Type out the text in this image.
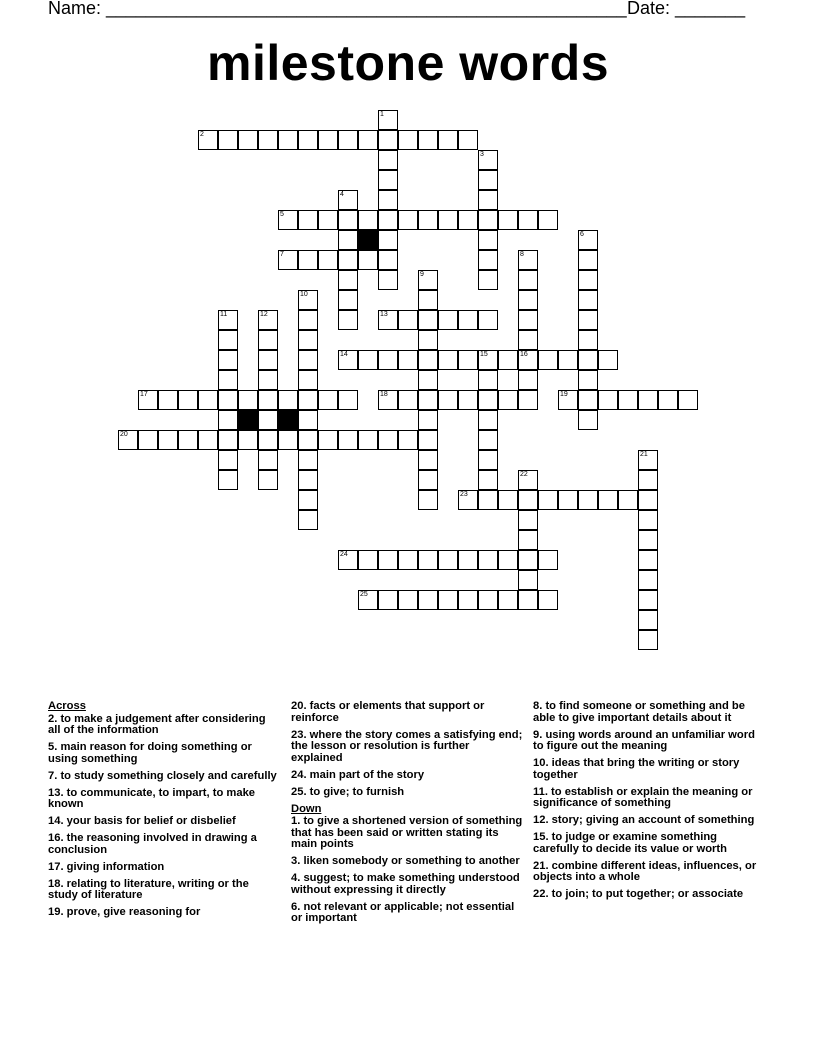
Name: ____________________________________________________ Date: _______
milestone words
1
2
3
4
5
6
7	8
16
9
10
11	12	13
14	15
17	18	19
20
21
22
23
24
25
Across
2. to make a judgement after considering all of the information
5. main reason for doing something or using something
7. to study something closely and carefully
13. to communicate, to impart, to make known
14. your basis for belief or disbelief
16. the reasoning involved in drawing a conclusion
17. giving information
18. relating to literature, writing or the study of literature
19. prove, give reasoning for
20. facts or elements that support or reinforce
23. where the story comes a satisfying end; the lesson or resolution is further explained
24. main part of the story
25. to give; to furnish
Down
1. to give a shortened version of something that has been said or written stating its main points
3. liken somebody or something to another
4. suggest; to make something understood without expressing it directly
6. not relevant or applicable; not essential or important
8. to find someone or something and be able to give important details about it
9. using words around an unfamiliar word to figure out the meaning
10. ideas that bring the writing or story together
11. to establish or explain the meaning or significance of something
12. story; giving an account of something
15. to judge or examine something carefully to decide its value or worth
21. combine different ideas, influences, or objects into a whole
22. to join; to put together; or associate
